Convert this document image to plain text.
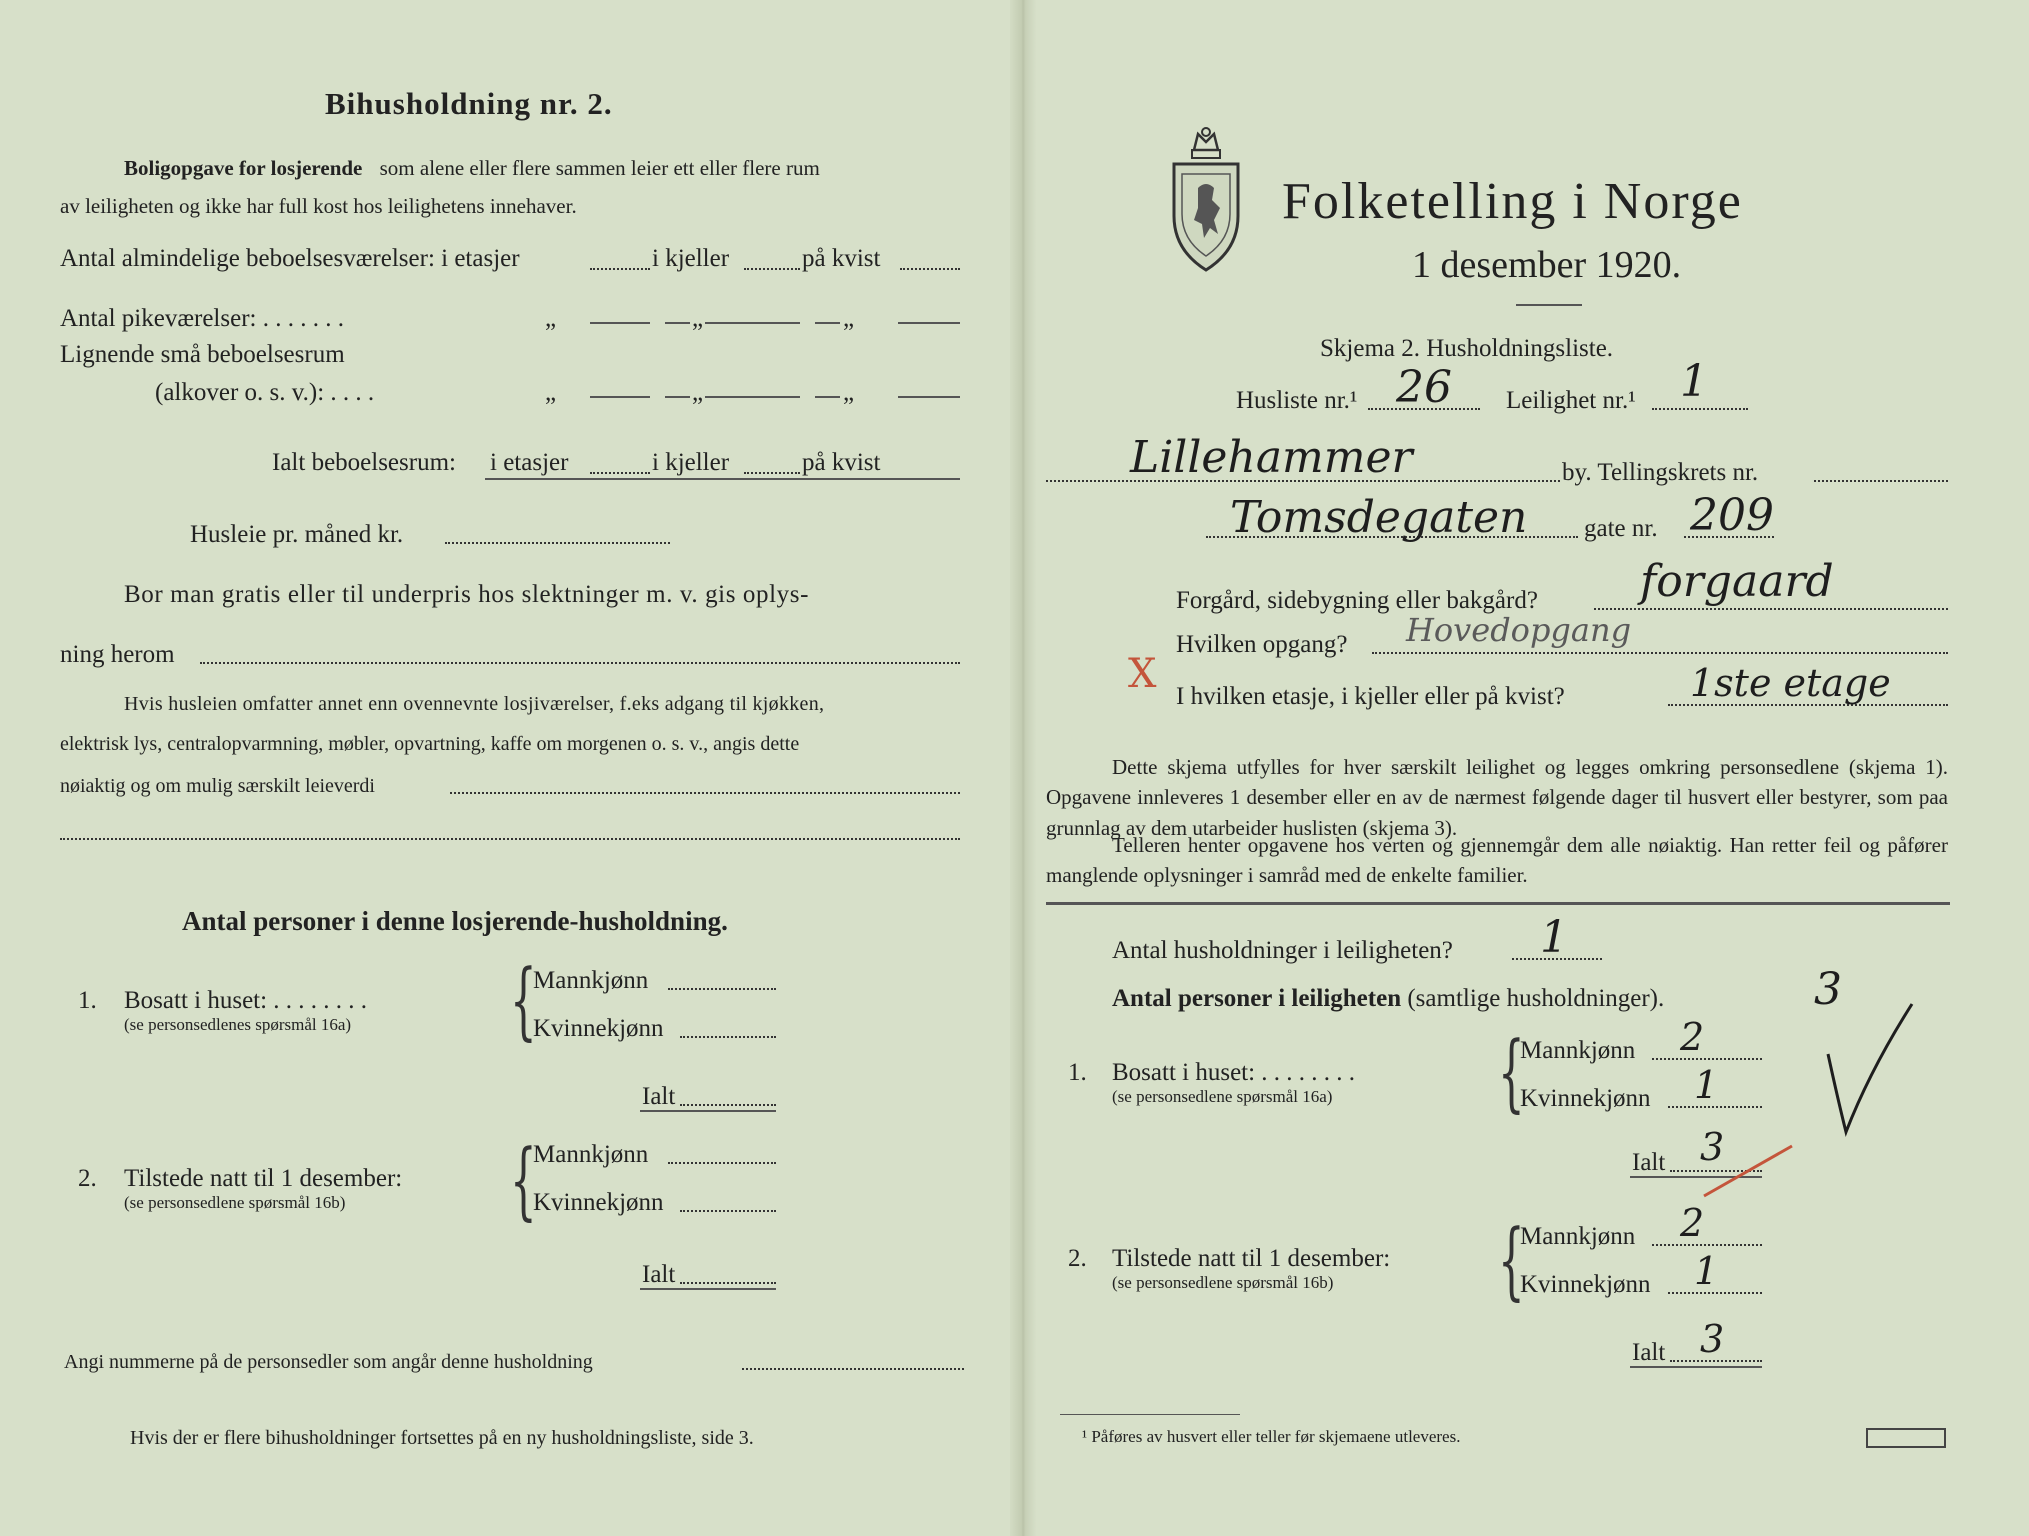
Bihusholdning nr. 2.
Boligopgave for losjerende som alene eller flere sammen leier ett eller flere rum
av leiligheten og ikke har full kost hos leilighetens innehaver.
Antal almindelige beboelsesværelser: i etasjer	i kjeller	på kvist
Antal pikeværelser: . . . . . . .	„	„	„
Lignende små beboelsesrum
(alkover o. s. v.): . . . .	„	„	„
Ialt beboelsesrum: i etasjer	i kjeller	på kvist
Husleie pr. måned kr.
Bor man gratis eller til underpris hos slektninger m. v. gis oplys-
ning herom
Hvis husleien omfatter annet enn ovennevnte losjiværelser, f.eks adgang til kjøkken,
elektrisk lys, centralopvarmning, møbler, opvartning, kaffe om morgenen o. s. v., angis dette
nøiaktig og om mulig særskilt leieverdi
Antal personer i denne losjerende-husholdning.
1. Bosatt i huset: . . . . . . . .
(se personsedlenes spørsmål 16a) {
Mannkjønn
Kvinnekjønn
Ialt
2. Tilstede natt til 1 desember:
(se personsedlene spørsmål 16b) {
Mannkjønn
Kvinnekjønn
Ialt
Angi nummerne på de personsedler som angår denne husholdning
Hvis der er flere bihusholdninger fortsettes på en ny husholdningsliste, side 3.
Folketelling i Norge
1 desember 1920.
Skjema 2. Husholdningsliste.
Husliste nr.¹ 26 Leilighet nr.¹ 1
Lillehammer	by. Tellingskrets nr.
Tomsdegaten gate nr. 209
Forgård, sidebygning eller bakgård? forgaard
Hvilken opgang? Hovedopgang
X I hvilken etasje, i kjeller eller på kvist?	1ste etage
Dette skjema utfylles for hver særskilt leilighet og legges omkring personsedlene (skjema 1). Opgavene innleveres 1 desember eller en av de nærmest følgende dager til husvert eller bestyrer, som paa grunnlag av dem utarbeider huslisten (skjema 3).
Telleren henter opgavene hos verten og gjennemgår dem alle nøiaktig. Han retter feil og påfører manglende oplysninger i samråd med de enkelte familier.
Antal husholdninger i leiligheten? 1
Antal personer i leiligheten (samtlige husholdninger).	3
1. Bosatt i huset: . . . . . . . .
(se personsedlene spørsmål 16a) {
Mannkjønn 2
Kvinnekjønn 1
Ialt 3
2. Tilstede natt til 1 desember:
(se personsedlene spørsmål 16b) {
Mannkjønn 2
Kvinnekjønn 1
Ialt 3
¹ Påføres av husvert eller teller før skjemaene utleveres.
